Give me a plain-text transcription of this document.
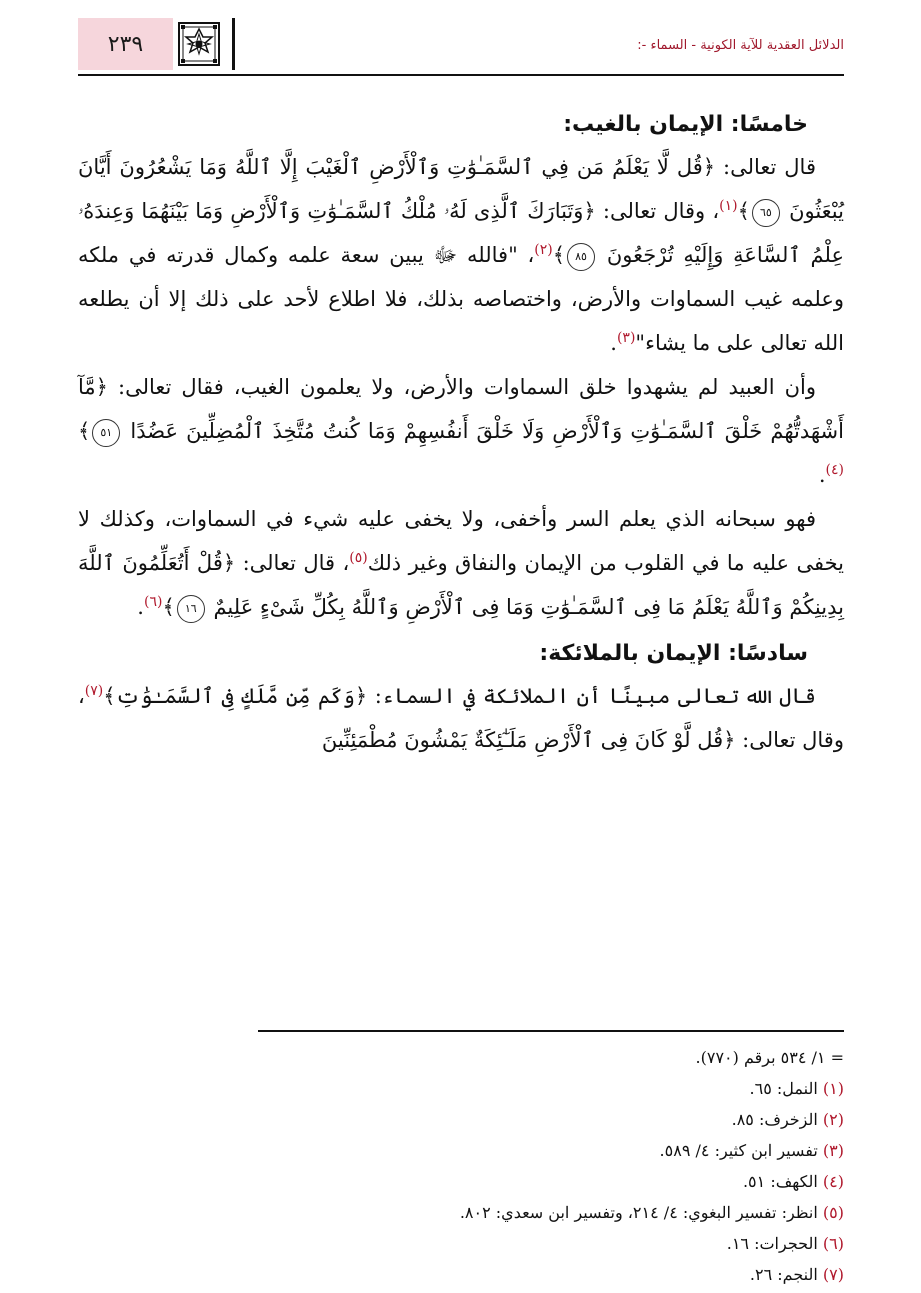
٢٣٩	الدلائل العقدية للآية الكونية - السماء -:
خامسًا: الإيمان بالغيب:

قال تعالى: ﴿قُل لَّا يَعْلَمُ مَن فِي ٱلسَّمَـٰوَٰتِ وَٱلْأَرْضِ ٱلْغَيْبَ إِلَّا ٱللَّهُ وَمَا يَشْعُرُونَ أَيَّانَ يُبْعَثُونَ ٦٥﴾$^{(١)}$، وقال تعالى: ﴿وَتَبَارَكَ ٱلَّذِى لَهُۥ مُلْكُ ٱلسَّمَـٰوَٰتِ وَٱلْأَرْضِ وَمَا بَيْنَهُمَا وَعِندَهُۥ عِلْمُ ٱلسَّاعَةِ وَإِلَيْهِ تُرْجَعُونَ ٨٥﴾$^{(٢)}$، "فالله ﷻ يبين سعة علمه وكمال قدرته في ملكه وعلمه غيب السماوات والأرض، واختصاصه بذلك، فلا اطلاع لأحد على ذلك إلا أن يطلعه الله تعالى على ما يشاء"$^{(٣)}$.

وأن العبيد لم يشهدوا خلق السماوات والأرض، ولا يعلمون الغيب، فقال تعالى: ﴿مَّآ أَشْهَدتُّهُمْ خَلْقَ ٱلسَّمَـٰوَٰتِ وَٱلْأَرْضِ وَلَا خَلْقَ أَنفُسِهِمْ وَمَا كُنتُ مُتَّخِذَ ٱلْمُضِلِّينَ عَضُدًا ٥١﴾$^{(٤)}$.

فهو سبحانه الذي يعلم السر وأخفى، ولا يخفى عليه شيء في السماوات، وكذلك لا يخفى عليه ما في القلوب من الإيمان والنفاق وغير ذلك$^{(٥)}$، قال تعالى: ﴿قُلْ أَتُعَلِّمُونَ ٱللَّهَ بِدِينِكُمْ وَٱللَّهُ يَعْلَمُ مَا فِى ٱلسَّمَـٰوَٰتِ وَمَا فِى ٱلْأَرْضِ وَٱللَّهُ بِكُلِّ شَىْءٍ عَلِيمٌ ١٦﴾$^{(٦)}$.

سادسًا: الإيمان بالملائكة:

قال الله تعالى مبينًا أن الملائكة في السماء: ﴿وَكَم مِّن مَّلَكٍ فِى ٱلسَّمَـٰوَٰتِ﴾$^{(٧)}$، وقال تعالى: ﴿قُل لَّوْ كَانَ فِى ٱلْأَرْضِ مَلَـٰٓئِكَةٌ يَمْشُونَ مُطْمَئِنِّينَ

= ١/ ٥٣٤ برقم (٧٧٠).
(١) النمل: ٦٥.
(٢) الزخرف: ٨٥.
(٣) تفسير ابن كثير: ٤/ ٥٨٩.
(٤) الكهف: ٥١.
(٥) انظر: تفسير البغوي: ٤/ ٢١٤، وتفسير ابن سعدي: ٨٠٢.
(٦) الحجرات: ١٦.
(٧) النجم: ٢٦.
